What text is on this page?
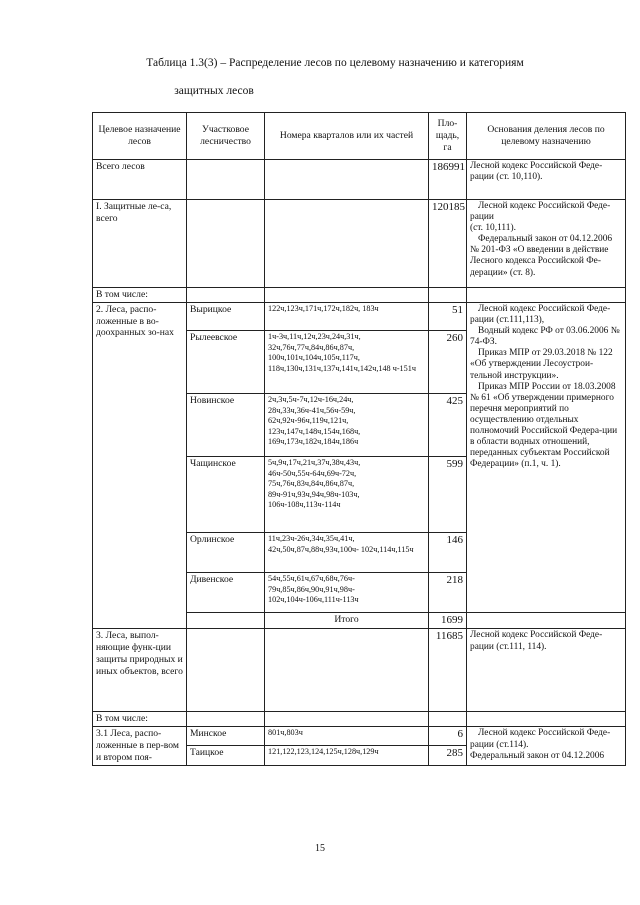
Таблица 1.3(3) – Распределение лесов по целевому назначению и категориям
защитных лесов
Целевое назначение лесов	Участковое лесничество	Номера кварталов или их частей	Пло-щадь, га	Основания деления лесов по целевому назначению
Всего лесов			186991	Лесной кодекс Российской Феде-рации (ст. 10,110).
I. Защитные ле-са, всего			120185	Лесной кодекс Российской Феде-рации
(ст. 10,111).
Федеральный закон от 04.12.2006 № 201-ФЗ «О введении в действие Лесного кодекса Российской Фе-дерации» (ст. 8).

В том числе:				
2. Леса, распо-ложенные в во-доохранных зо-нах	Вырицкое	122ч,123ч,171ч,172ч,182ч, 183ч	51	Лесной кодекс Российской Феде-рации (ст.111,113),
Водный кодекс РФ от 03.06.2006 № 74-ФЗ.
Приказ МПР от 29.03.2018 № 122 «Об утверждении Лесоустрои-тельной инструкции».
Приказ МПР России от 18.03.2008 № 61 «Об утверждении примерного перечня мероприятий по осуществлению отдельных полномочий Российской Федера-ции в области водных отношений, переданных субъектам Российской Федерации» (п.1, ч. 1).

	Рылеевское	1ч-3ч,11ч,12ч,23ч,24ч,31ч, 32ч,76ч,77ч,84ч,86ч,87ч, 100ч,101ч,104ч,105ч,117ч, 118ч,130ч,131ч,137ч,141ч,142ч,148 ч-151ч	260	
	Новинское	2ч,3ч,5ч-7ч,12ч-16ч,24ч, 28ч,33ч,36ч-41ч,56ч-59ч, 62ч,92ч-96ч,119ч,121ч, 123ч,147ч,148ч,154ч,168ч, 169ч,173ч,182ч,184ч,186ч	425	
	Чащинское	5ч,9ч,17ч,21ч,37ч,38ч,43ч, 46ч-50ч,55ч-64ч,69ч-72ч, 75ч,76ч,83ч,84ч,86ч,87ч, 89ч-91ч,93ч,94ч,98ч-103ч, 106ч-108ч,113ч-114ч	599	
	Орлинское	11ч,23ч-26ч,34ч,35ч,41ч, 42ч,50ч,87ч,88ч,93ч,100ч- 102ч,114ч,115ч	146	
	Дивенское	54ч,55ч,61ч,67ч,68ч,76ч- 79ч,85ч,86ч,90ч,91ч,98ч- 102ч,104ч-106ч,111ч-113ч	218	
		Итого	1699	
3. Леса, выпол-няющие функ-ции защиты природных и иных объектов, всего			11685	Лесной кодекс Российской Феде-рации (ст.111, 114).
В том числе:				
3.1 Леса, распо-ложенные в пер-вом и втором поя-	Минское	801ч,803ч	6	Лесной кодекс Российской Феде-рации (ст.114).
Федеральный закон от 04.12.2006

	Таицкое	121,122,123,124,125ч,128ч,129ч	285	
15
